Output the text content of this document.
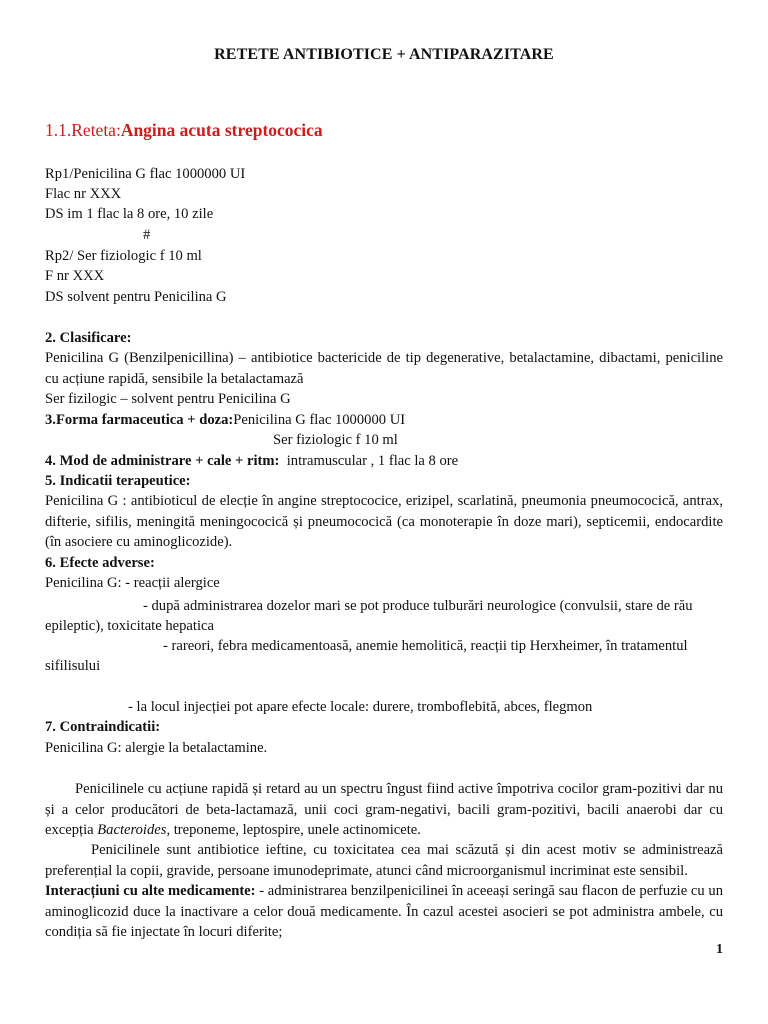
RETETE ANTIBIOTICE + ANTIPARAZITARE
1.1.Reteta:Angina acuta streptococica
Rp1/Penicilina G flac 1000000 UI
Flac nr XXX
DS im 1 flac la 8 ore, 10 zile
#
Rp2/ Ser fiziologic f 10 ml
F nr XXX
DS solvent pentru Penicilina G
2. Clasificare:
Penicilina G (Benzilpenicillina) – antibiotice bactericide de tip degenerative, betalactamine, dibactami, peniciline cu acțiune rapidă, sensibile la betalactamază
Ser fizilogic – solvent pentru Penicilina G
3.Forma farmaceutica + doza:Penicilina G flac 1000000 UI
Ser fiziologic f 10 ml
4. Mod de administrare + cale + ritm: intramuscular , 1 flac la 8 ore
5. Indicatii terapeutice:
Penicilina G : antibioticul de elecție în angine streptococice, erizipel, scarlatină, pneumonia pneumococică, antrax, difterie, sifilis, meningită meningococică și pneumococică (ca monoterapie în doze mari), septicemii, endocardite (în asociere cu aminoglicozide).
6. Efecte adverse:
Penicilina G: - reacții alergice
- după administrarea dozelor mari se pot produce tulburări neurologice (convulsii, stare de rău
epileptic), toxicitate hepatica
- rareori, febra medicamentoasă, anemie hemolitică, reacții tip Herxheimer, în tratamentul
sifilisului
- la locul injecției pot apare efecte locale: durere, tromboflebită, abces, flegmon
7. Contraindicatii:
Penicilina G: alergie la betalactamine.
Penicilinele cu acțiune rapidă și retard au un spectru îngust fiind active împotriva cocilor gram-pozitivi dar nu și a celor producători de beta-lactamază, unii coci gram-negativi, bacili gram-pozitivi, bacili anaerobi dar cu excepția Bacteroides, treponeme, leptospire, unele actinomicete.
Penicilinele sunt antibiotice ieftine, cu toxicitatea cea mai scăzută și din acest motiv se administrează preferențial la copii, gravide, persoane imunodeprimate, atunci când microorganismul incriminat este sensibil.
Interacțiuni cu alte medicamente: - administrarea benzilpenicilinei în aceeași seringă sau flacon de perfuzie cu un aminoglicozid duce la inactivare a celor două medicamente. În cazul acestei asocieri se pot administra ambele, cu condiția să fie injectate în locuri diferite;
1
